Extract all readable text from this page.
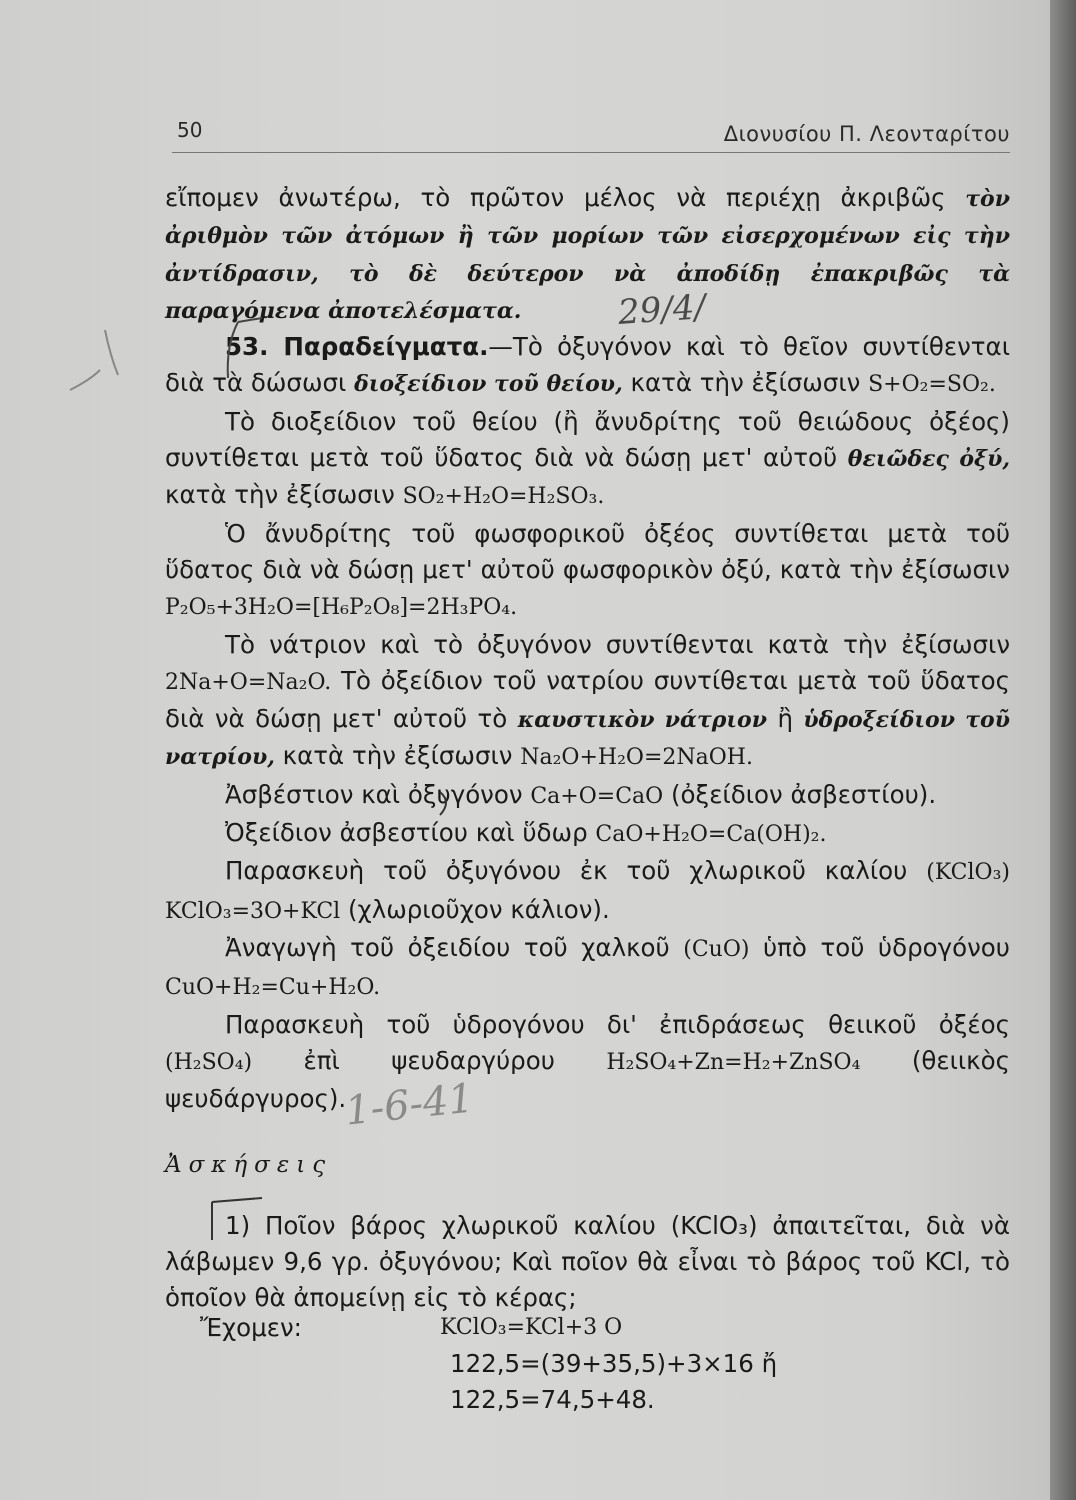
50	Διονυσίου Π. Λεονταρίτου

εἴπομεν ἀνωτέρω, τὸ πρῶτον μέλος νὰ περιέχῃ ἀκριβῶς τὸν ἀριθμὸν τῶν ἀτόμων ἢ τῶν μορίων τῶν εἰσερχομένων εἰς τὴν ἀντίδρασιν, τὸ δὲ δεύτερον νὰ ἀποδίδῃ ἐπακριβῶς τὰ παραγόμενα ἀποτελέσματα.

53. Παραδείγματα.—Τὸ ὀξυγόνον καὶ τὸ θεῖον συντίθενται διὰ τὰ δώσωσι διοξείδιον τοῦ θείου, κατὰ τὴν ἐξίσωσιν S+O₂=SO₂.

Τὸ διοξείδιον τοῦ θείου (ἢ ἄνυδρίτης τοῦ θειώδους ὀξέος) συντίθεται μετὰ τοῦ ὕδατος διὰ νὰ δώσῃ μετ' αὐτοῦ θειῶδες ὀξύ, κατὰ τὴν ἐξίσωσιν SO₂+H₂O=H₂SO₃.

Ὁ ἄνυδρίτης τοῦ φωσφορικοῦ ὀξέος συντίθεται μετὰ τοῦ ὕδατος διὰ νὰ δώσῃ μετ' αὐτοῦ φωσφορικὸν ὀξύ, κατὰ τὴν ἐξίσωσιν P₂O₅+3H₂O=[H₆P₂O₈]=2H₃PO₄.

Τὸ νάτριον καὶ τὸ ὀξυγόνον συντίθενται κατὰ τὴν ἐξίσωσιν 2Na+O=Na₂O. Τὸ ὀξείδιον τοῦ νατρίου συντίθεται μετὰ τοῦ ὕδατος διὰ νὰ δώσῃ μετ' αὐτοῦ τὸ καυστικὸν νάτριον ἢ ὑδροξείδιον τοῦ νατρίου, κατὰ τὴν ἐξίσωσιν Na₂O+H₂O=2NaOH.

Ἀσβέστιον καὶ ὀξυγόνον Ca+O=CaO (ὀξείδιον ἀσβεστίου).

Ὀξείδιον ἀσβεστίου καὶ ὕδωρ CaO+H₂O=Ca(OH)₂.

Παρασκευὴ τοῦ ὀξυγόνου ἐκ τοῦ χλωρικοῦ καλίου (KClO₃) KClO₃=3O+KCl (χλωριοῦχον κάλιον).

Ἀναγωγὴ τοῦ ὀξειδίου τοῦ χαλκοῦ (CuO) ὑπὸ τοῦ ὑδρογόνου CuO+H₂=Cu+H₂O.

Παρασκευὴ τοῦ ὑδρογόνου δι' ἐπιδράσεως θειικοῦ ὀξέος (H₂SO₄) ἐπὶ ψευδαργύρου H₂SO₄+Zn=H₂+ZnSO₄ (θειικὸς ψευδάργυρος).

Ἀσκήσεις

1) Ποῖον βάρος χλωρικοῦ καλίου (KClO₃) ἀπαιτεῖται, διὰ νὰ λάβωμεν 9,6 γρ. ὀξυγόνου; Καὶ ποῖον θὰ εἶναι τὸ βάρος τοῦ KCl, τὸ ὁποῖον θὰ ἀπομείνῃ εἰς τὸ κέρας;

Ἔχομεν:	KClO₃=KCl+3 O
122,5=(39+35,5)+3×16 ἤ
122,5=74,5+48.
29/4/
1-6-41
